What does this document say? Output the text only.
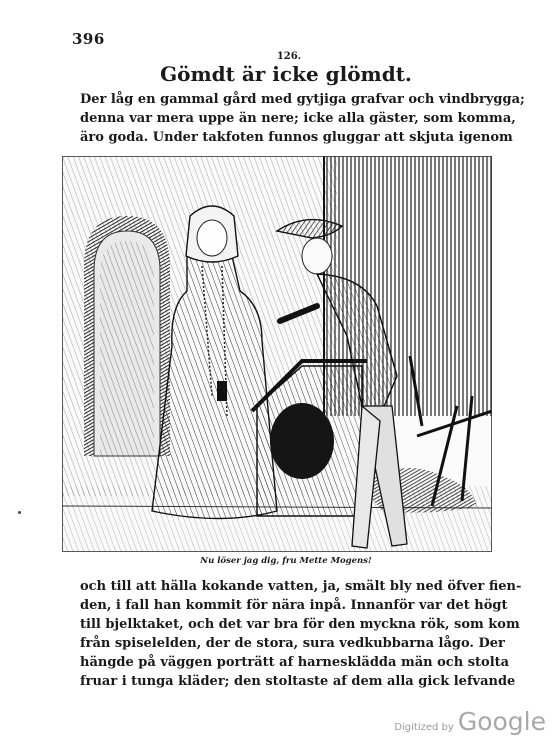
396
126.
Gömdt är icke glömdt.
Der låg en gammal gård med gytjiga grafvar och vindbrygga;
denna var mera uppe än nere; icke alla gäster, som komma,
äro goda. Under takfoten funnos gluggar att skjuta igenom
Nu löser jag dig, fru Mette Mogens!
och till att hälla kokande vatten, ja, smält bly ned öfver fien-
den, i fall han kommit för nära inpå. Innanför var det högt
till bjelktaket, och det var bra för den myckna rök, som kom
från spiselelden, der de stora, sura vedkubbarna lågo. Der
hängde på väggen porträtt af harnesklädda män och stolta
fruar i tunga kläder; den stoltaste af dem alla gick lefvande
Digitized by Google
